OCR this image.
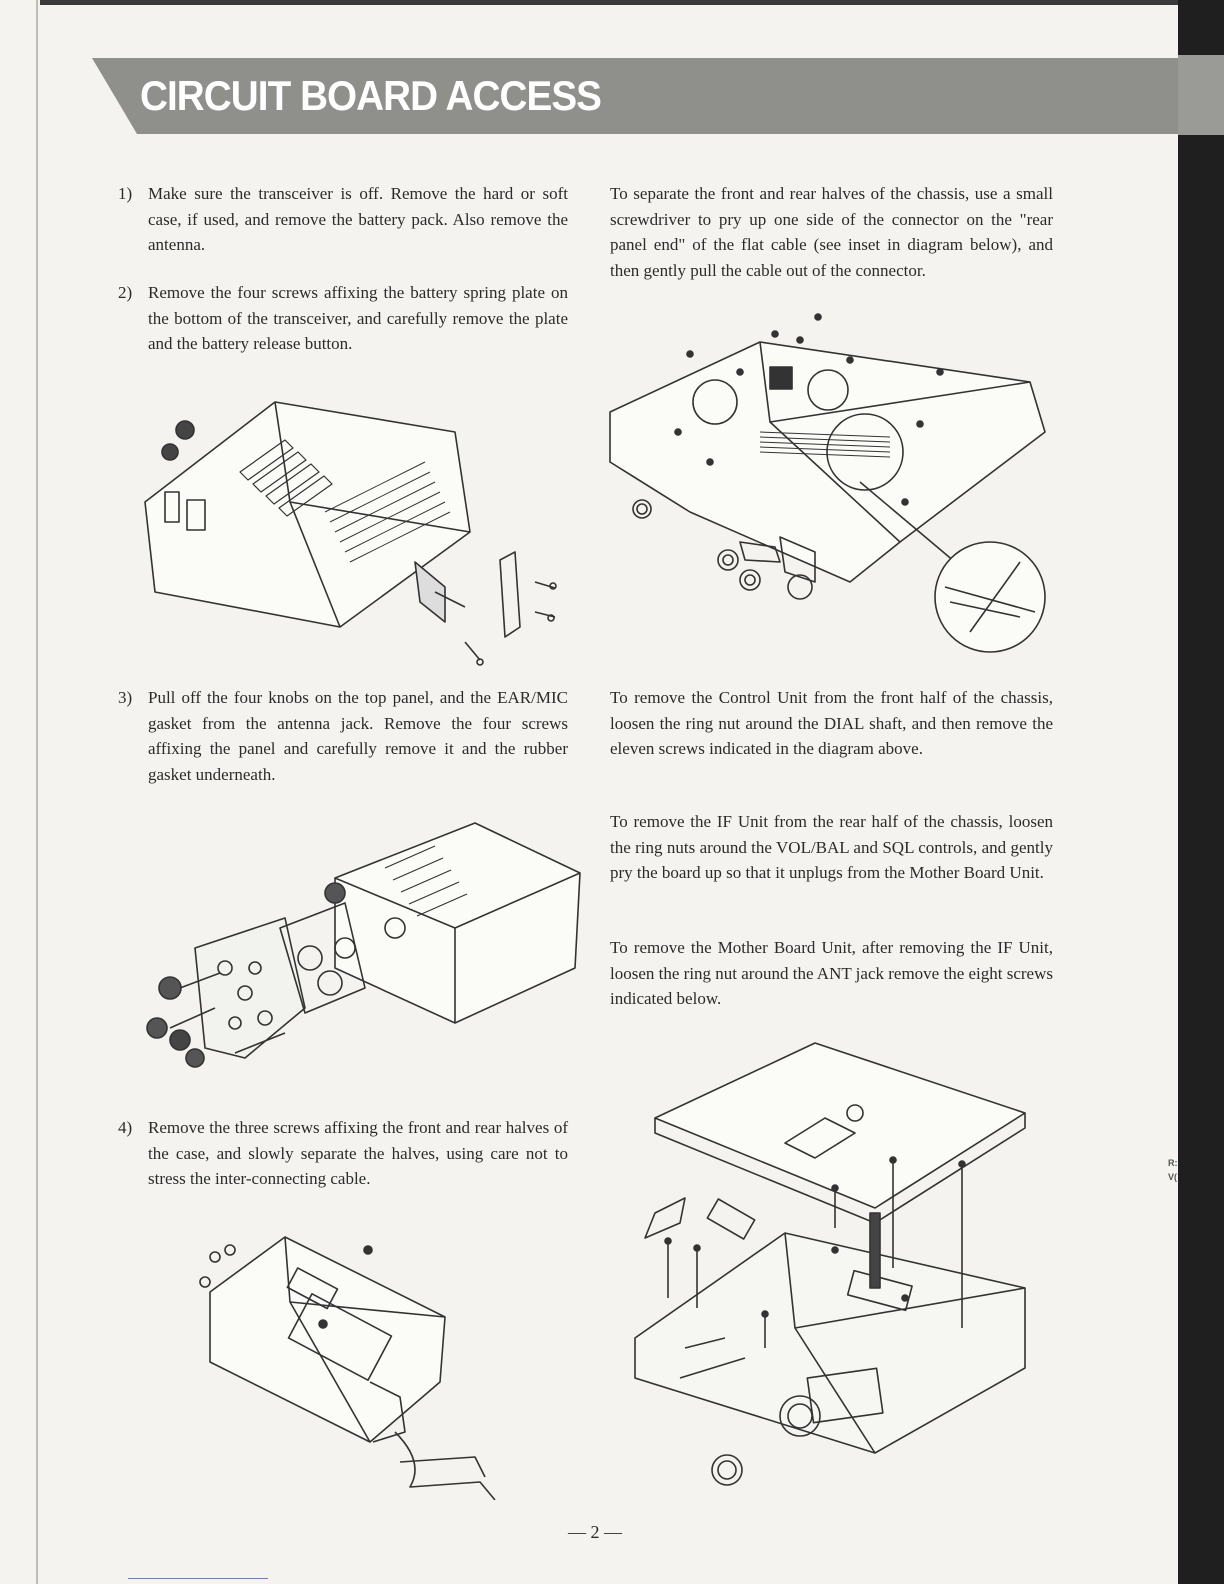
R:
V(
CIRCUIT BOARD ACCESS
1) Make sure the transceiver is off. Remove the hard or soft case, if used, and remove the battery pack. Also remove the antenna.
2) Remove the four screws affixing the battery spring plate on the bottom of the transceiver, and carefully remove the plate and the battery release button.
3) Pull off the four knobs on the top panel, and the EAR/MIC gasket from the antenna jack. Remove the four screws affixing the panel and carefully remove it and the rubber gasket underneath.
4) Remove the three screws affixing the front and rear halves of the case, and slowly separate the halves, using care not to stress the inter-connecting cable.
To separate the front and rear halves of the chassis, use a small screwdriver to pry up one side of the connector on the "rear panel end" of the flat cable (see inset in diagram below), and then gently pull the cable out of the connector.
To remove the Control Unit from the front half of the chassis, loosen the ring nut around the DIAL shaft, and then remove the eleven screws indicated in the diagram above.
To remove the IF Unit from the rear half of the chassis, loosen the ring nuts around the VOL/BAL and SQL controls, and gently pry the board up so that it unplugs from the Mother Board Unit.
To remove the Mother Board Unit, after removing the IF Unit, loosen the ring nut around the ANT jack remove the eight screws indicated below.
— 2 —
